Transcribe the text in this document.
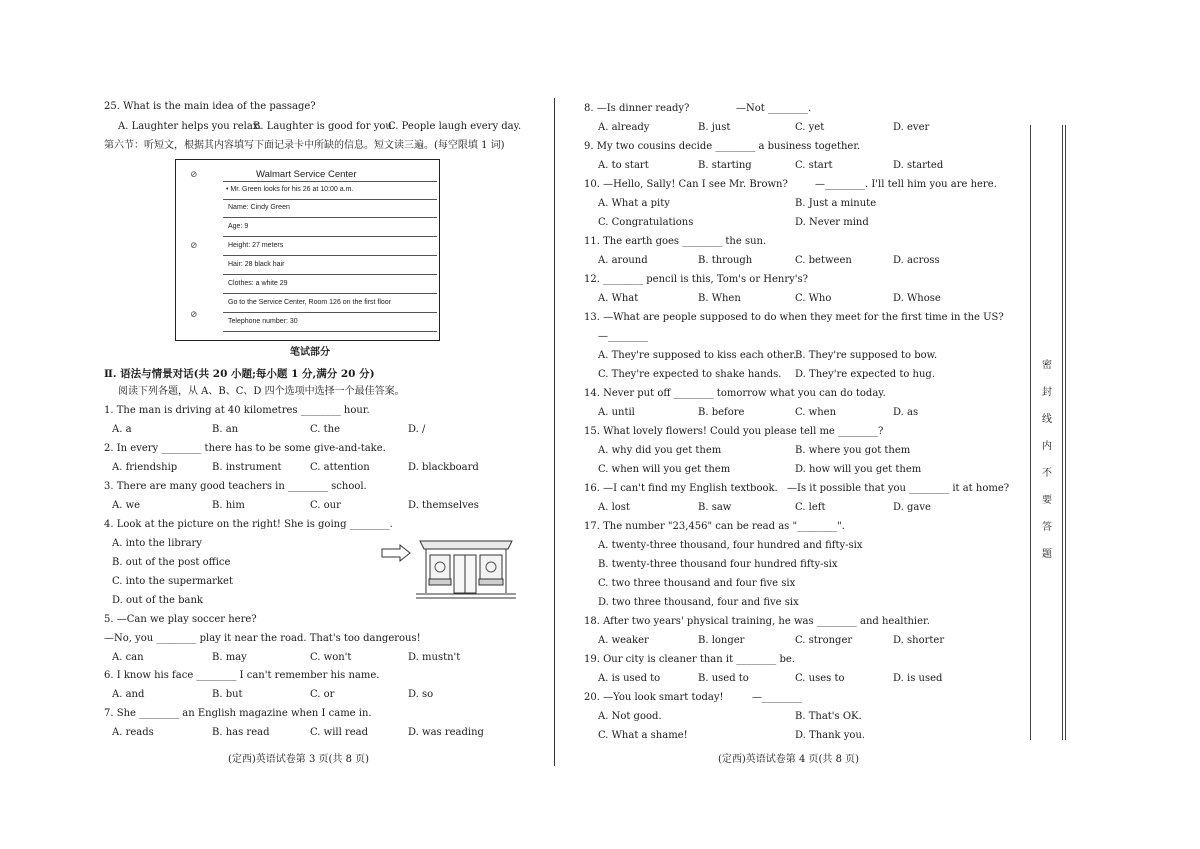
25. What is the main idea of the passage?
A. Laughter helps you relax.
B. Laughter is good for you.
C. People laugh every day.
第六节：听短文，根据其内容填写下面记录卡中所缺的信息。短文读三遍。(每空限填 1 词)
Walmart Service Center
⊘
• Mr. Green looks for his 26 at 10:00 a.m.
Name: Cindy Green
Age: 9
⊘	Height: 27 meters
Hair: 28 black hair
Clothes: a white 29
Go to the Service Center, Room 126 on the first floor
⊘
Telephone number: 30
笔试部分
Ⅱ. 语法与情景对话(共 20 小题;每小题 1 分,满分 20 分)
阅读下列各题，从 A、B、C、D 四个选项中选择一个最佳答案。
1. The man is driving at 40 kilometres ________ hour.
A. a	B. an	C. the	D. /
2. In every ________ there has to be some give-and-take.
A. friendship	B. instrument	C. attention	D. blackboard
3. There are many good teachers in ________ school.
A. we	B. him	C. our	D. themselves
4. Look at the picture on the right! She is going ________.
A. into the library
B. out of the post office
C. into the supermarket
D. out of the bank
5. —Can we play soccer here?
—No, you ________ play it near the road. That's too dangerous!
A. can	B. may	C. won't	D. mustn't
6. I know his face ________ I can't remember his name.
A. and	B. but	C. or	D. so
7. She ________ an English magazine when I came in.
A. reads	B. has read	C. will read	D. was reading
(定西)英语试卷第 3 页(共 8 页)
8. —Is dinner ready?	—Not ________.
A. already	B. just	C. yet	D. ever
9. My two cousins decide ________ a business together.
A. to start	B. starting	C. start	D. started
10. —Hello, Sally! Can I see Mr. Brown?	—________. I'll tell him you are here.
A. What a pity	B. Just a minute
C. Congratulations	D. Never mind
11. The earth goes ________ the sun.
A. around	B. through	C. between	D. across
12. ________ pencil is this, Tom's or Henry's?
A. What	B. When	C. Who	D. Whose
13. —What are people supposed to do when they meet for the first time in the US?
—________
A. They're supposed to kiss each other.
B. They're supposed to bow.
C. They're expected to shake hands. D. They're expected to hug.
14. Never put off ________ tomorrow what you can do today.
A. until	B. before	C. when	D. as
15. What lovely flowers! Could you please tell me ________?
A. why did you get them	B. where you got them
C. when will you get them	D. how will you get them
16. —I can't find my English textbook. —Is it possible that you ________ it at home?
A. lost	B. saw	C. left	D. gave
17. The number "23,456" can be read as "________".
A. twenty-three thousand, four hundred and fifty-six
B. twenty-three thousand four hundred fifty-six
C. two three thousand and four five six
D. two three thousand, four and five six
18. After two years' physical training, he was ________ and healthier.
A. weaker	B. longer	C. stronger	D. shorter
19. Our city is cleaner than it ________ be.
A. is used to	B. used to	C. uses to	D. is used
20. —You look smart today!	—________
A. Not good.	B. That's OK.
C. What a shame!	D. Thank you.
(定西)英语试卷第 4 页(共 8 页)
密
封
线
内
不
要
答
题
